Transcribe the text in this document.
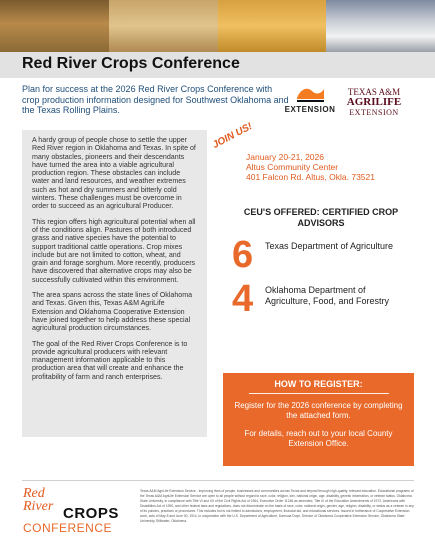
Red River Crops Conference
Plan for success at the 2026 Red River Crops Conference with crop production information designed for Southwest Oklahoma and the Texas Rolling Plains.	EXTENSION
TEXAS A&M
AGRILIFE
EXTENSION

A hardy group of people chose to settle the upper Red River region in Oklahoma and Texas. In spite of many obstacles, pioneers and their descendants have turned the area into a viable agricultural production region. These obstacles can include water and land resources, and weather extremes such as hot and dry summers and bitterly cold winters. These challenges must be overcome in order to succeed as an agricultural Producer.

This region offers high agricultural potential when all of the conditions align. Pastures of both introduced grass and native species have the potential to support traditional cattle operations. Crop mixes include but are not limited to cotton, wheat, and grain and forage sorghum. More recently, producers have discovered that alternative crops may also be successfully cultivated within this environment.

The area spans across the state lines of Oklahoma and Texas. Given this, Texas A&M AgriLife Extension and Oklahoma Cooperative Extension have joined together to help address these special agricultural production circumstances.

The goal of the Red River Crops Conference is to provide agricultural producers with relevant management information applicable to this production area that will create and enhance the profitability of farm and ranch enterprises.

JOIN US!
January 20-21, 2026
Altus Community Center
401 Falcon Rd. Altus, Okla. 73521
CEU'S OFFERED: CERTIFIED CROP ADVISORS
6	Texas Department of Agriculture
4	Oklahoma Department of Agriculture, Food, and Forestry
HOW TO REGISTER:
Register for the 2026 conference by completing the attached form.
For details, reach out to your local County Extension Office.
Red
River CROPS
CONFERENCE
Texas A&M AgriLife Extension Service - Improving lives of people, businesses and communities across Texas and beyond through high-quality, relevant education. Educational programs of the Texas A&M AgriLife Extension Service are open to all people without regard to race, color, religion, sex, national origin, age, disability, genetic information, or veteran status. Oklahoma State University, in compliance with Title VI and VII of the Civil Rights Act of 1964, Executive Order 11246 as amended, Title IX of the Education Amendments of 1972, Americans with Disabilities Act of 1990, and other federal laws and regulations, does not discriminate on the basis of race, color, national origin, gender, age, religion, disability, or status as a veteran in any of its policies, practices or procedures. This includes but is not limited to admissions, employment, financial aid, and educational services. Issued in furtherance of Cooperative Extension work, acts of May 8 and June 30, 1914, in cooperation with the U.S. Department of Agriculture, Damona Doye, Director of Oklahoma Cooperative Extension Service, Oklahoma State University, Stillwater, Oklahoma.
